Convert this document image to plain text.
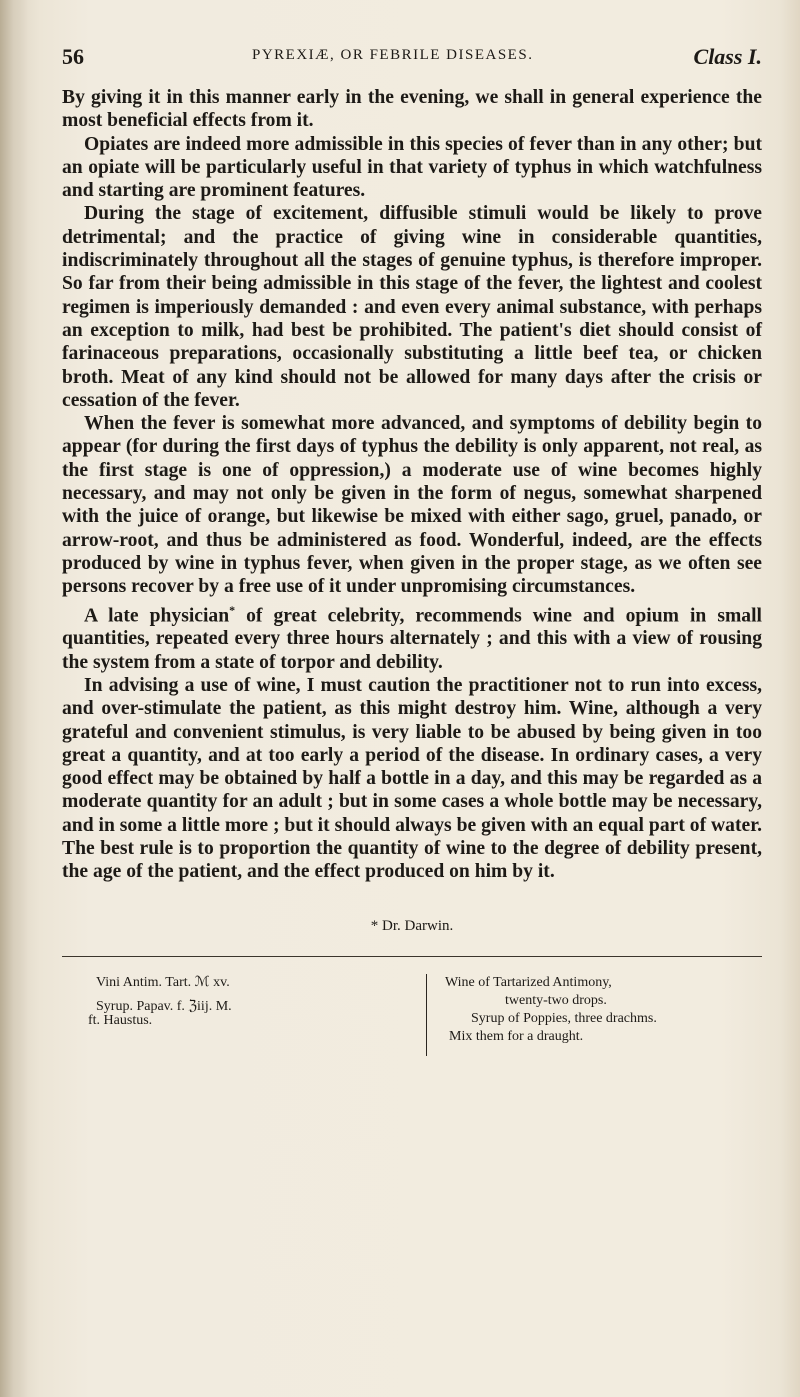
56	PYREXIÆ, OR FEBRILE DISEASES.	Class I.

By giving it in this manner early in the evening, we shall in general experience the most beneficial effects from it.

Opiates are indeed more admissible in this species of fever than in any other; but an opiate will be particularly useful in that variety of typhus in which watchfulness and starting are prominent features.

During the stage of excitement, diffusible stimuli would be likely to prove detrimental; and the practice of giving wine in considerable quantities, indiscriminately throughout all the stages of genuine typhus, is therefore improper. So far from their being admissible in this stage of the fever, the lightest and coolest regimen is imperiously demanded : and even every animal substance, with perhaps an exception to milk, had best be prohibited. The patient's diet should consist of farinaceous preparations, occasionally substituting a little beef tea, or chicken broth. Meat of any kind should not be allowed for many days after the crisis or cessation of the fever.

When the fever is somewhat more advanced, and symptoms of debility begin to appear (for during the first days of typhus the debility is only apparent, not real, as the first stage is one of oppression,) a moderate use of wine becomes highly necessary, and may not only be given in the form of negus, somewhat sharpened with the juice of orange, but likewise be mixed with either sago, gruel, panado, or arrow-root, and thus be administered as food. Wonderful, indeed, are the effects produced by wine in typhus fever, when given in the proper stage, as we often see persons recover by a free use of it under unpromising circumstances.

A late physician* of great celebrity, recommends wine and opium in small quantities, repeated every three hours alternately ; and this with a view of rousing the system from a state of torpor and debility.

In advising a use of wine, I must caution the practitioner not to run into excess, and over-stimulate the patient, as this might destroy him. Wine, although a very grateful and convenient stimulus, is very liable to be abused by being given in too great a quantity, and at too early a period of the disease. In ordinary cases, a very good effect may be obtained by half a bottle in a day, and this may be regarded as a moderate quantity for an adult ; but in some cases a whole bottle may be necessary, and in some a little more ; but it should always be given with an equal part of water. The best rule is to proportion the quantity of wine to the degree of debility present, the age of the patient, and the effect produced on him by it.

* Dr. Darwin.
Vini Antim. Tart. ℳ xv.
Syrup. Papav. f. ℨiij. M.
ft. Haustus.
Wine of Tartarized Antimony,
twenty-two drops.
Syrup of Poppies, three drachms.
Mix them for a draught.
